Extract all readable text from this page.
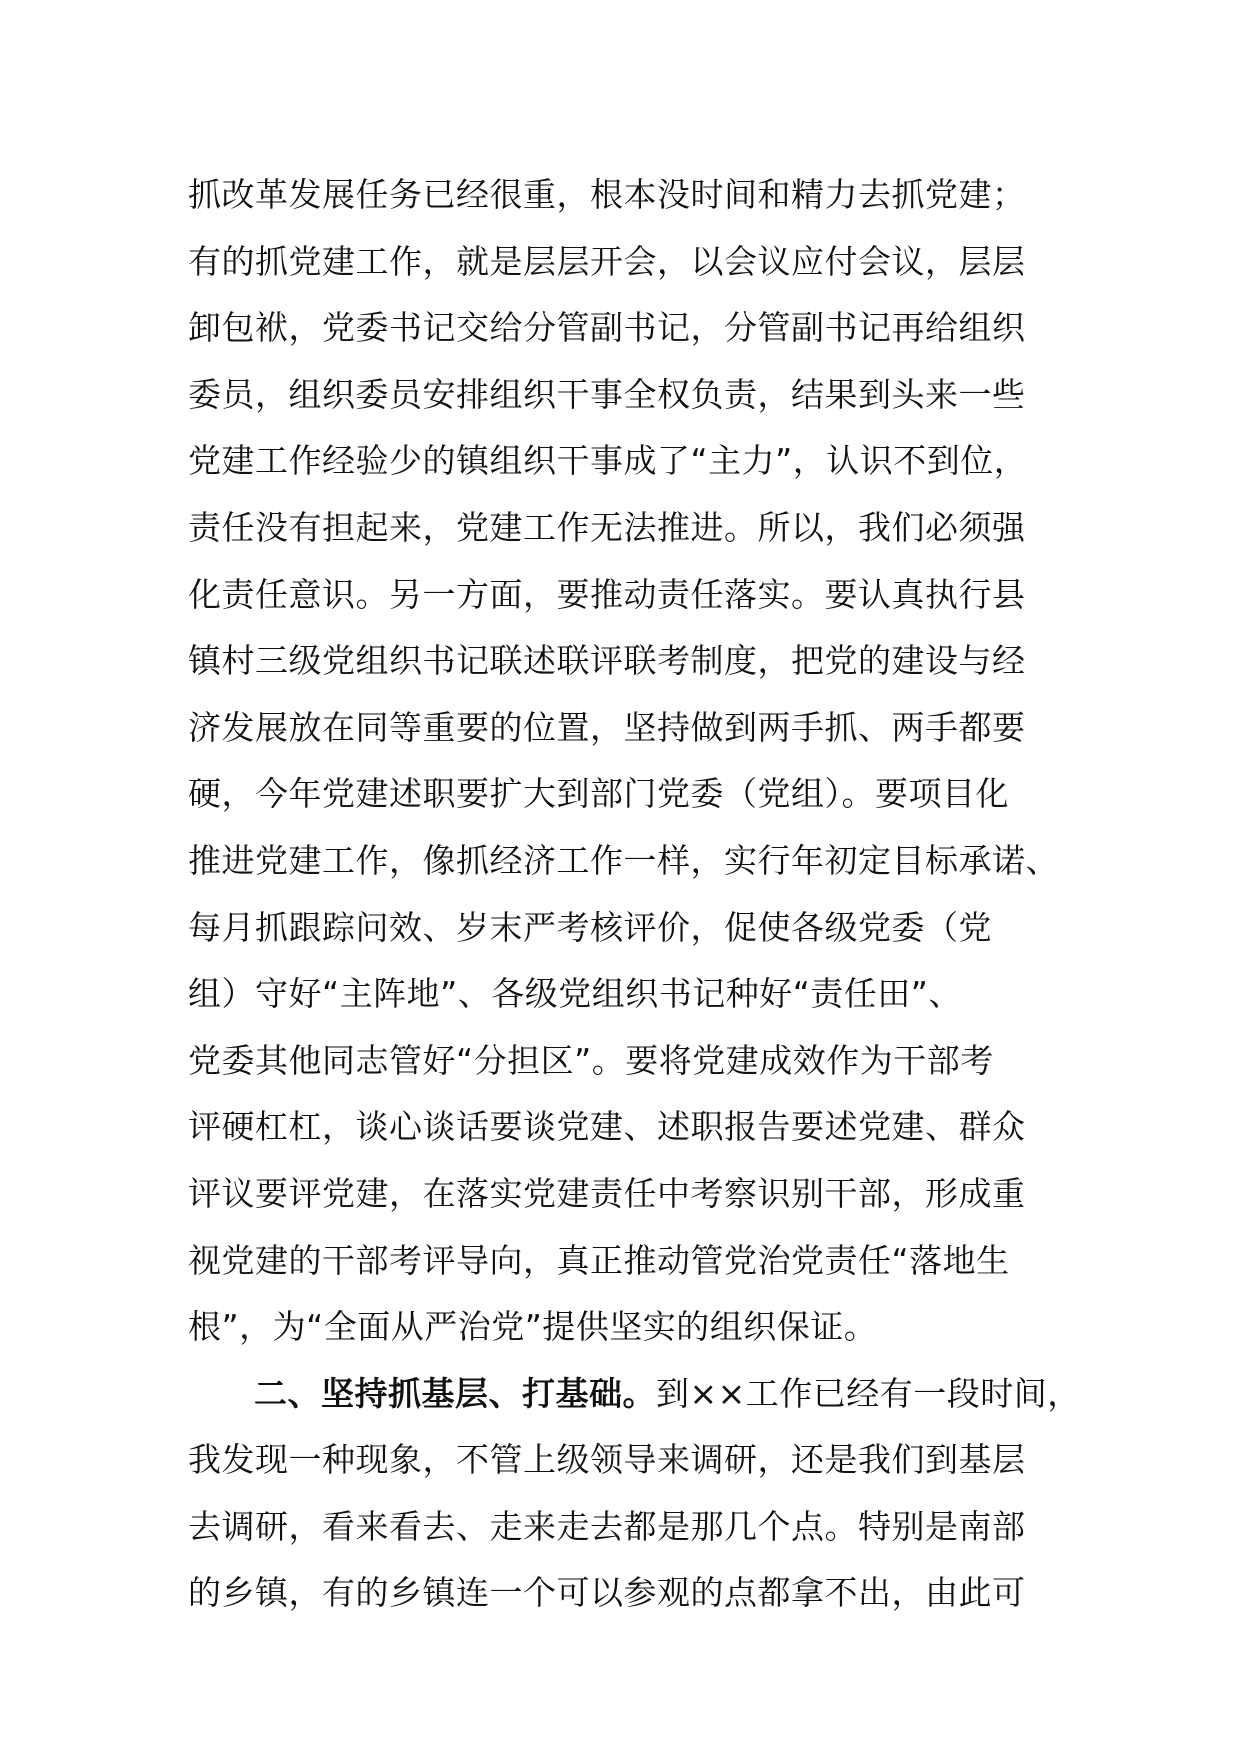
抓改革发展任务已经很重，根本没时间和精力去抓党建；
有的抓党建工作，就是层层开会，以会议应付会议，层层
卸包袱，党委书记交给分管副书记，分管副书记再给组织
委员，组织委员安排组织干事全权负责，结果到头来一些
党建工作经验少的镇组织干事成了“主力”，认识不到位，
责任没有担起来，党建工作无法推进。所以，我们必须强
化责任意识。另一方面，要推动责任落实。要认真执行县
镇村三级党组织书记联述联评联考制度，把党的建设与经
济发展放在同等重要的位置，坚持做到两手抓、两手都要
硬，今年党建述职要扩大到部门党委（党组）。要项目化
推进党建工作，像抓经济工作一样，实行年初定目标承诺、
每月抓跟踪问效、岁末严考核评价，促使各级党委（党
组）守好“主阵地”、各级党组织书记种好“责任田”、
党委其他同志管好“分担区”。要将党建成效作为干部考
评硬杠杠，谈心谈话要谈党建、述职报告要述党建、群众
评议要评党建，在落实党建责任中考察识别干部，形成重
视党建的干部考评导向，真正推动管党治党责任“落地生
根”，为“全面从严治党”提供坚实的组织保证。
二、坚持抓基层、打基础。到××工作已经有一段时间，
我发现一种现象，不管上级领导来调研，还是我们到基层
去调研，看来看去、走来走去都是那几个点。特别是南部
的乡镇，有的乡镇连一个可以参观的点都拿不出，由此可
